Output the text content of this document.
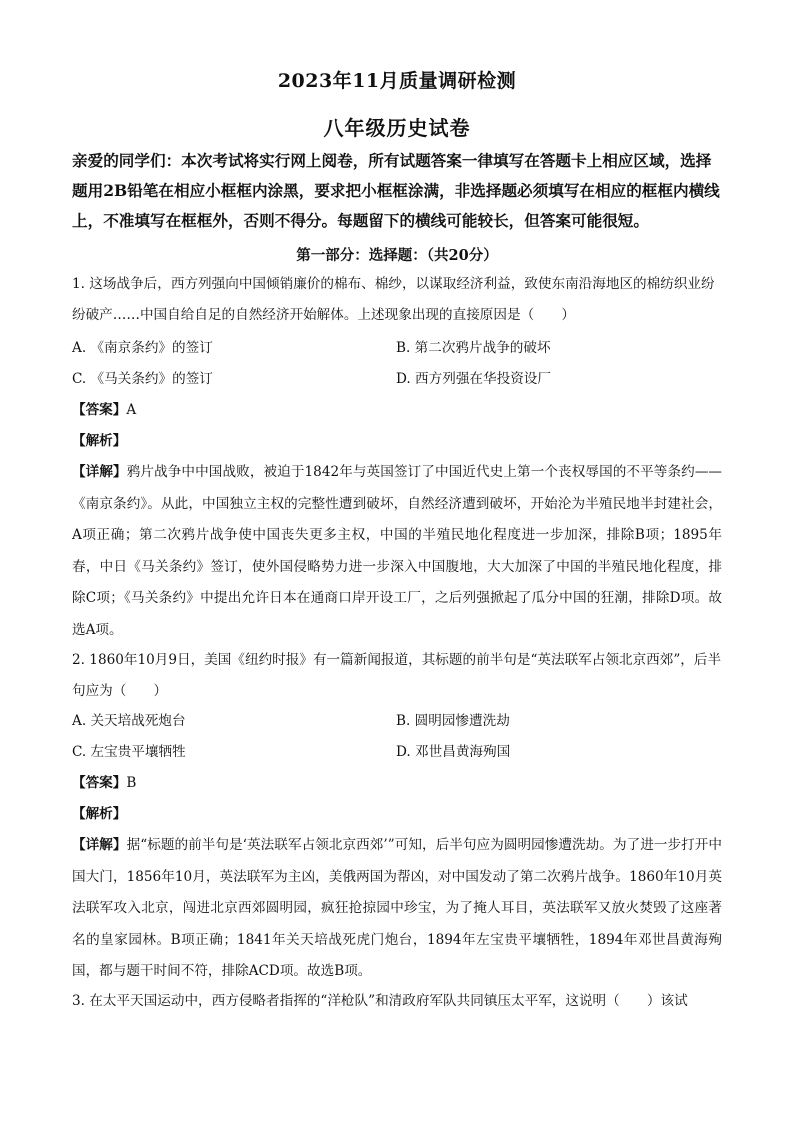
2023年11月质量调研检测
八年级历史试卷
亲爱的同学们：本次考试将实行网上阅卷，所有试题答案一律填写在答题卡上相应区域，选择题用2B铅笔在相应小框框内涂黑，要求把小框框涂满，非选择题必须填写在相应的框框内横线上，不准填写在框框外，否则不得分。每题留下的横线可能较长，但答案可能很短。
第一部分：选择题：（共20分）
1. 这场战争后，西方列强向中国倾销廉价的棉布、棉纱，以谋取经济利益，致使东南沿海地区的棉纺织业纷纷破产……中国自给自足的自然经济开始解体。上述现象出现的直接原因是（　　）
A. 《南京条约》的签订	B. 第二次鸦片战争的破坏
C. 《马关条约》的签订	D. 西方列强在华投资设厂
【答案】A
【解析】
【详解】鸦片战争中中国战败，被迫于1842年与英国签订了中国近代史上第一个丧权辱国的不平等条约——《南京条约》。从此，中国独立主权的完整性遭到破坏，自然经济遭到破坏，开始沦为半殖民地半封建社会，A项正确；第二次鸦片战争使中国丧失更多主权，中国的半殖民地化程度进一步加深，排除B项；1895年春，中日《马关条约》签订，使外国侵略势力进一步深入中国腹地，大大加深了中国的半殖民地化程度，排除C项；《马关条约》中提出允许日本在通商口岸开设工厂，之后列强掀起了瓜分中国的狂潮，排除D项。故选A项。
2. 1860年10月9日，美国《纽约时报》有一篇新闻报道，其标题的前半句是“英法联军占领北京西郊”，后半句应为（　　）
A. 关天培战死炮台	B. 圆明园惨遭洗劫
C. 左宝贵平壤牺牲	D. 邓世昌黄海殉国
【答案】B
【解析】
【详解】据“标题的前半句是‘英法联军占领北京西郊’”可知，后半句应为圆明园惨遭洗劫。为了进一步打开中国大门，1856年10月，英法联军为主凶，美俄两国为帮凶，对中国发动了第二次鸦片战争。1860年10月英法联军攻入北京，闯进北京西郊圆明园，疯狂抢掠园中珍宝，为了掩人耳目，英法联军又放火焚毁了这座著名的皇家园林。B项正确；1841年关天培战死虎门炮台，1894年左宝贵平壤牺牲，1894年邓世昌黄海殉国，都与题干时间不符，排除ACD项。故选B项。
3. 在太平天国运动中，西方侵略者指挥的“洋枪队”和清政府军队共同镇压太平军，这说明（　　）该试
